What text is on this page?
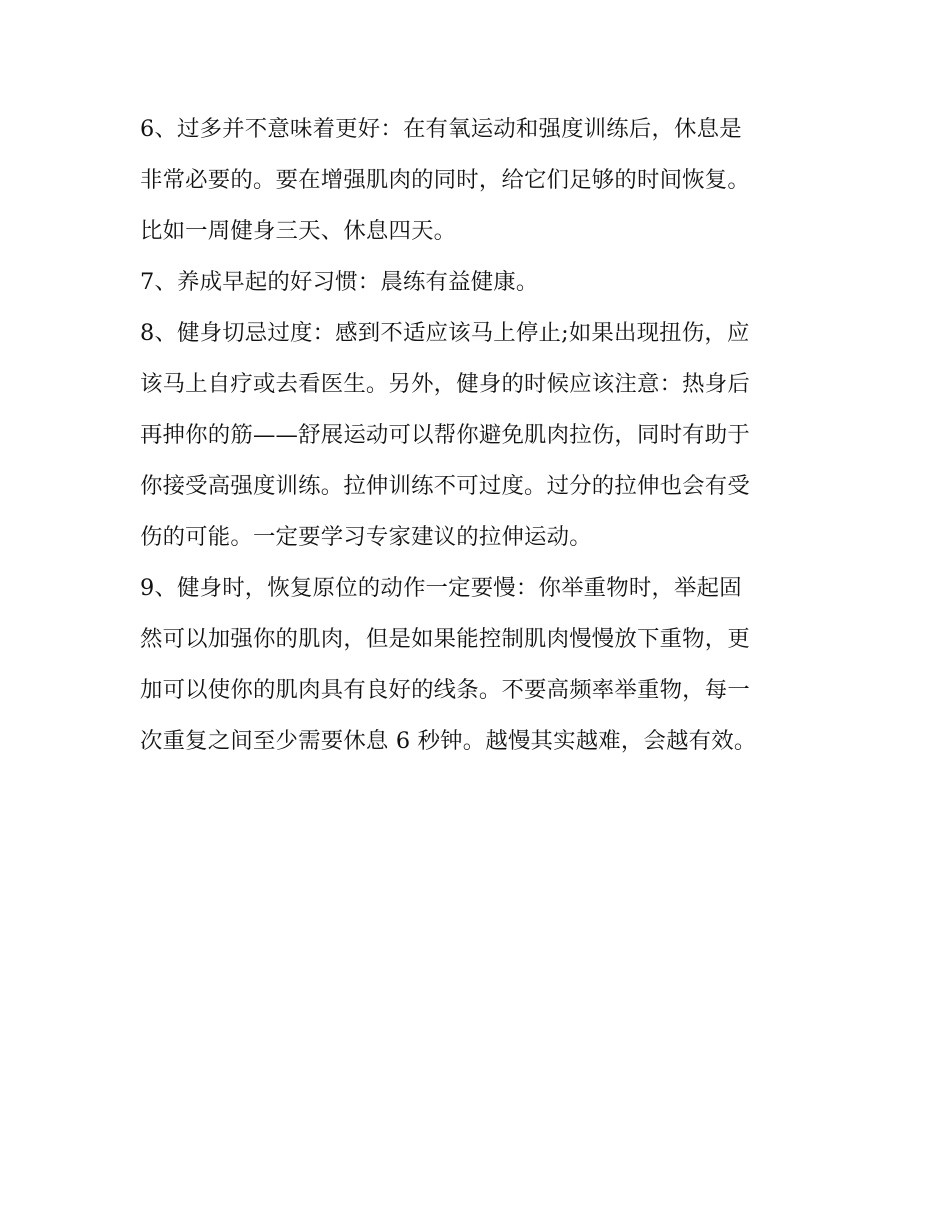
6、过多并不意味着更好：在有氧运动和强度训练后，休息是
非常必要的。要在增强肌肉的同时，给它们足够的时间恢复。
比如一周健身三天、休息四天。
7、养成早起的好习惯：晨练有益健康。
8、健身切忌过度：感到不适应该马上停止;如果出现扭伤，应
该马上自疗或去看医生。另外，健身的时候应该注意：热身后
再抻你的筋——舒展运动可以帮你避免肌肉拉伤，同时有助于
你接受高强度训练。拉伸训练不可过度。过分的拉伸也会有受
伤的可能。一定要学习专家建议的拉伸运动。
9、健身时，恢复原位的动作一定要慢：你举重物时，举起固
然可以加强你的肌肉，但是如果能控制肌肉慢慢放下重物，更
加可以使你的肌肉具有良好的线条。不要高频率举重物，每一
次重复之间至少需要休息 6 秒钟。越慢其实越难，会越有效。
